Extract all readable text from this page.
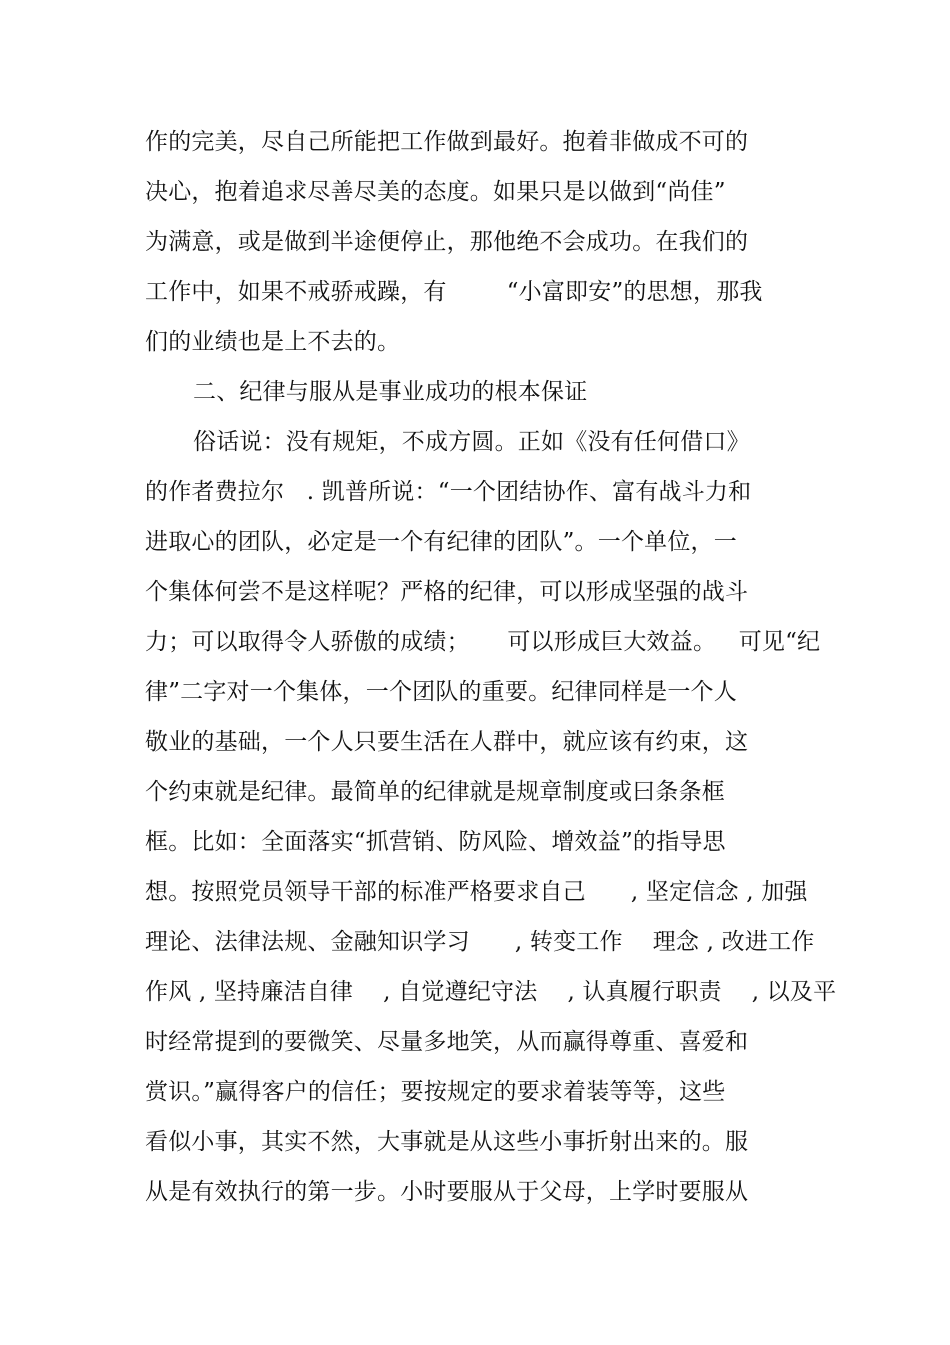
作的完美，尽自己所能把工作做到最好。抱着非做成不可的
决心，抱着追求尽善尽美的态度。如果只是以做到“尚佳”
为满意，或是做到半途便停止，那他绝不会成功。在我们的
工作中，如果不戒骄戒躁，有        “小富即安”的思想，那我
们的业绩也是上不去的。
二、纪律与服从是事业成功的根本保证
俗话说：没有规矩，不成方圆。正如《没有任何借口》
的作者费拉尔   . 凯普所说：“一个团结协作、富有战斗力和
进取心的团队，必定是一个有纪律的团队”。一个单位，一
个集体何尝不是这样呢？严格的纪律，可以形成坚强的战斗
力；可以取得令人骄傲的成绩；     可以形成巨大效益。   可见“纪
律”二字对一个集体，一个团队的重要。纪律同样是一个人
敬业的基础，一个人只要生活在人群中，就应该有约束，这
个约束就是纪律。最简单的纪律就是规章制度或曰条条框
框。比如：全面落实“抓营销、防风险、增效益”的指导思
想。按照党员领导干部的标准严格要求自己      , 坚定信念 , 加强
理论、法律法规、金融知识学习      , 转变工作    理念 , 改进工作
作风 , 坚持廉洁自律    , 自觉遵纪守法    , 认真履行职责    , 以及平
时经常提到的要微笑、尽量多地笑，从而赢得尊重、喜爱和
赏识。”赢得客户的信任；要按规定的要求着装等等，这些
看似小事，其实不然，大事就是从这些小事折射出来的。服
从是有效执行的第一步。小时要服从于父母，上学时要服从
